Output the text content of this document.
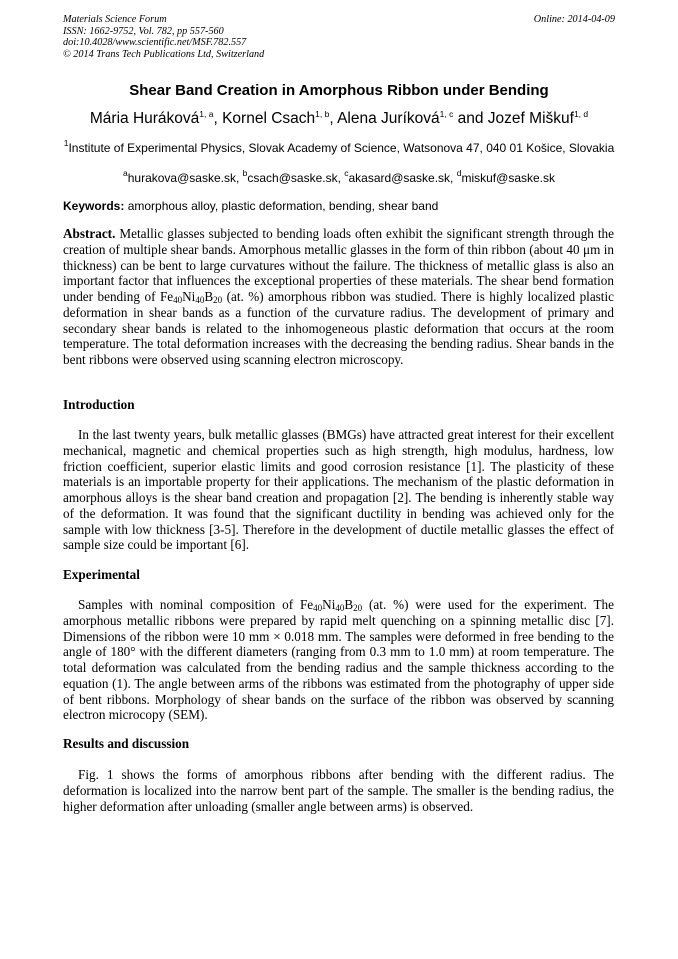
Materials Science Forum
ISSN: 1662-9752, Vol. 782, pp 557-560
doi:10.4028/www.scientific.net/MSF.782.557
© 2014 Trans Tech Publications Ltd, Switzerland
Online: 2014-04-09
Shear Band Creation in Amorphous Ribbon under Bending
Mária Huráková$^{1, a}$, Kornel Csach$^{1, b}$, Alena Juríková$^{1, c}$ and Jozef Miškuf$^{1, d}$
$^1$Institute of Experimental Physics, Slovak Academy of Science, Watsonova 47, 040 01 Košice, Slovakia
$^a$hurakova@saske.sk, $^b$csach@saske.sk, $^c$akasard@saske.sk, $^d$miskuf@saske.sk
Keywords: amorphous alloy, plastic deformation, bending, shear band

Abstract. Metallic glasses subjected to bending loads often exhibit the significant strength through the creation of multiple shear bands. Amorphous metallic glasses in the form of thin ribbon (about 40 μm in thickness) can be bent to large curvatures without the failure. The thickness of metallic glass is also an important factor that influences the exceptional properties of these materials. The shear bend formation under bending of $Fe_{40}Ni_{40}B_{20}$ (at. %) amorphous ribbon was studied. There is highly localized plastic deformation in shear bands as a function of the curvature radius. The development of primary and secondary shear bands is related to the inhomogeneous plastic deformation that occurs at the room temperature. The total deformation increases with the decreasing the bending radius. Shear bands in the bent ribbons were observed using scanning electron microscopy.

Introduction

In the last twenty years, bulk metallic glasses (BMGs) have attracted great interest for their excellent mechanical, magnetic and chemical properties such as high strength, high modulus, hardness, low friction coefficient, superior elastic limits and good corrosion resistance [1]. The plasticity of these materials is an importable property for their applications. The mechanism of the plastic deformation in amorphous alloys is the shear band creation and propagation [2]. The bending is inherently stable way of the deformation. It was found that the significant ductility in bending was achieved only for the sample with low thickness [3-5]. Therefore in the development of ductile metallic glasses the effect of sample size could be important [6].

Experimental

Samples with nominal composition of $Fe_{40}Ni_{40}B_{20}$ (at. %) were used for the experiment. The amorphous metallic ribbons were prepared by rapid melt quenching on a spinning metallic disc [7]. Dimensions of the ribbon were 10 mm × 0.018 mm. The samples were deformed in free bending to the angle of 180° with the different diameters (ranging from 0.3 mm to 1.0 mm) at room temperature. The total deformation was calculated from the bending radius and the sample thickness according to the equation (1). The angle between arms of the ribbons was estimated from the photography of upper side of bent ribbons. Morphology of shear bands on the surface of the ribbon was observed by scanning electron microcopy (SEM).

Results and discussion

Fig. 1 shows the forms of amorphous ribbons after bending with the different radius. The deformation is localized into the narrow bent part of the sample. The smaller is the bending radius, the higher deformation after unloading (smaller angle between arms) is observed.
